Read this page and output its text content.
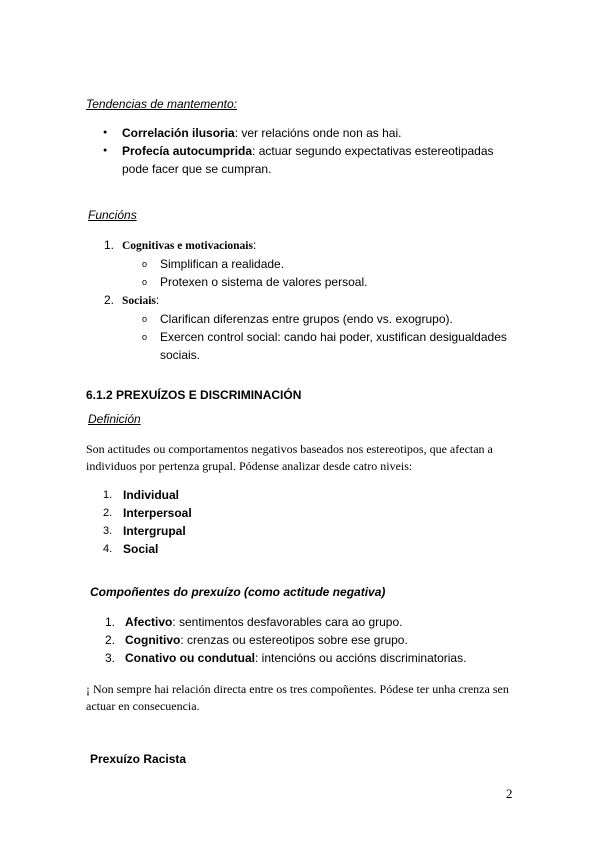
Tendencias de mantemento:

● Correlación ilusoria: ver relacións onde non as hai.
● Profecía autocumprida: actuar segundo expectativas estereotipadas pode facer que se cumpran.

Funcións

1. Cognitivas e motivacionais:
o Simplifican a realidade.
o Protexen o sistema de valores persoal.
2. Sociais:
o Clarifican diferenzas entre grupos (endo vs. exogrupo).
o Exercen control social: cando hai poder, xustifican desigualdades sociais.

6.1.2 PREXUÍZOS E DISCRIMINACIÓN

Definición

Son actitudes ou comportamentos negativos baseados nos estereotipos, que afectan a individuos por pertenza grupal. Pódense analizar desde catro niveis:

1. Individual
2. Interpersoal
3. Intergrupal
4. Social

Compoñentes do prexuízo (como actitude negativa)

1. Afectivo: sentimentos desfavorables cara ao grupo.
2. Cognitivo: crenzas ou estereotipos sobre ese grupo.
3. Conativo ou condutual: intencións ou accións discriminatorias.

¡ Non sempre hai relación directa entre os tres compoñentes. Pódese ter unha crenza sen actuar en consecuencia.

Prexuízo Racista

2
